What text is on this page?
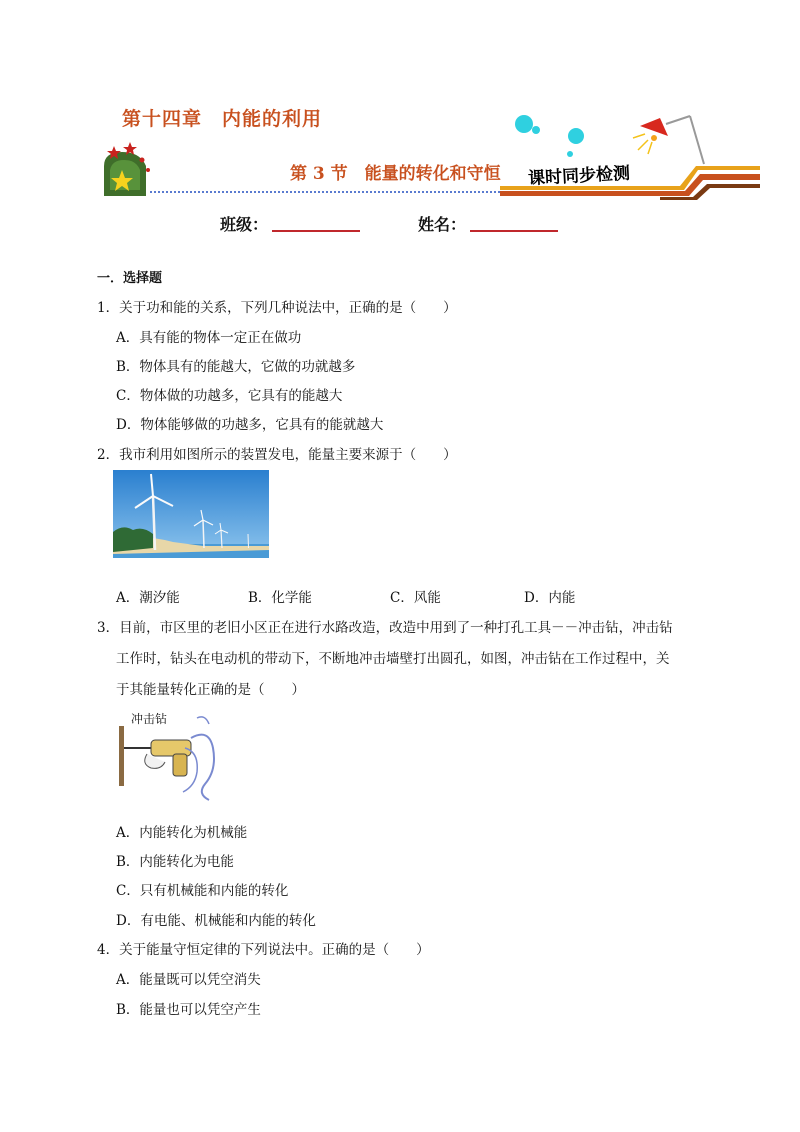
第十四章　内能的利用
第 3 节　能量的转化和守恒 课时同步检测
班级：	姓名：
一．选择题
1．关于功和能的关系，下列几种说法中，正确的是（　　）
A．具有能的物体一定正在做功
B．物体具有的能越大，它做的功就越多
C．物体做的功越多，它具有的能越大
D．物体能够做的功越多，它具有的能就越大
2．我市利用如图所示的装置发电，能量主要来源于（　　）
A．潮汐能	B．化学能	C．风能	D．内能
3．目前，市区里的老旧小区正在进行水路改造，改造中用到了一种打孔工具－－冲击钻，冲击钻
工作时，钻头在电动机的带动下，不断地冲击墙壁打出圆孔，如图，冲击钻在工作过程中，关
于其能量转化正确的是（　　）
冲击钻
A．内能转化为机械能
B．内能转化为电能
C．只有机械能和内能的转化
D．有电能、机械能和内能的转化
4．关于能量守恒定律的下列说法中。正确的是（　　）
A．能量既可以凭空消失
B．能量也可以凭空产生
